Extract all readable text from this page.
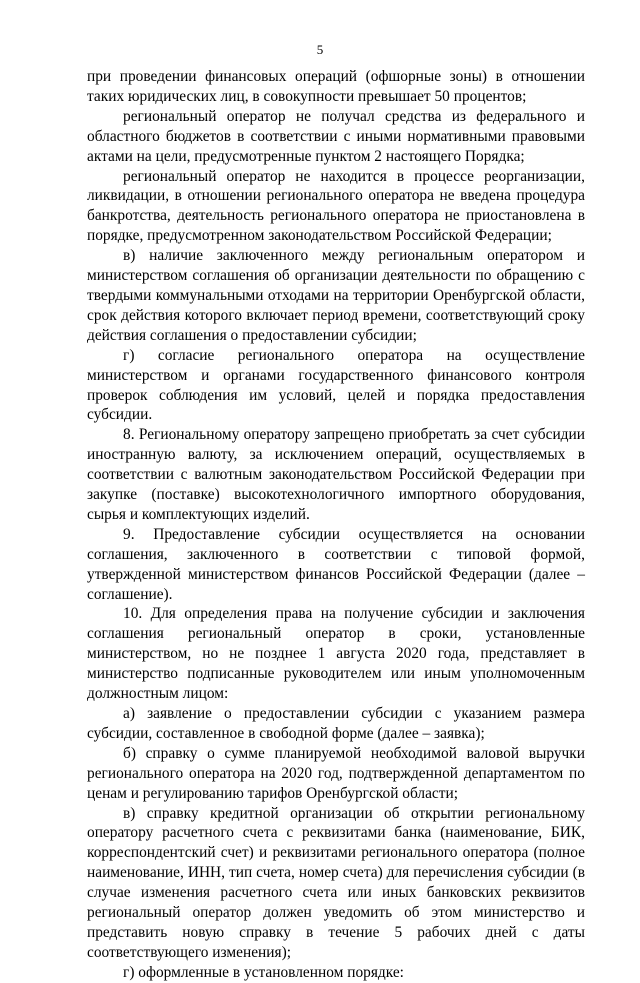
5

при проведении финансовых операций (офшорные зоны) в отношении таких юридических лиц, в совокупности превышает 50 процентов;

региональный оператор не получал средства из федерального и областного бюджетов в соответствии с иными нормативными правовыми актами на цели, предусмотренные пунктом 2 настоящего Порядка;

региональный оператор не находится в процессе реорганизации, ликвидации, в отношении регионального оператора не введена процедура банкротства, деятельность регионального оператора не приостановлена в порядке, предусмотренном законодательством Российской Федерации;

в) наличие заключенного между региональным оператором и министерством соглашения об организации деятельности по обращению с твердыми коммунальными отходами на территории Оренбургской области, срок действия которого включает период времени, соответствующий сроку действия соглашения о предоставлении субсидии;

г) согласие регионального оператора на осуществление министерством и органами государственного финансового контроля проверок соблюдения им условий, целей и порядка предоставления субсидии.

8. Региональному оператору запрещено приобретать за счет субсидии иностранную валюту, за исключением операций, осуществляемых в соответствии с валютным законодательством Российской Федерации при закупке (поставке) высокотехнологичного импортного оборудования, сырья и комплектующих изделий.

9. Предоставление субсидии осуществляется на основании соглашения, заключенного в соответствии с типовой формой, утвержденной министерством финансов Российской Федерации (далее – соглашение).

10. Для определения права на получение субсидии и заключения соглашения региональный оператор в сроки, установленные министерством, но не позднее 1 августа 2020 года, представляет в министерство подписанные руководителем или иным уполномоченным должностным лицом:

а) заявление о предоставлении субсидии с указанием размера субсидии, составленное в свободной форме (далее – заявка);

б) справку о сумме планируемой необходимой валовой выручки регионального оператора на 2020 год, подтвержденной департаментом по ценам и регулированию тарифов Оренбургской области;

в) справку кредитной организации об открытии региональному оператору расчетного счета с реквизитами банка (наименование, БИК, корреспондентский счет) и реквизитами регионального оператора (полное наименование, ИНН, тип счета, номер счета) для перечисления субсидии (в случае изменения расчетного счета или иных банковских реквизитов региональный оператор должен уведомить об этом министерство и представить новую справку в течение 5 рабочих дней с даты соответствующего изменения);

г) оформленные в установленном порядке:
